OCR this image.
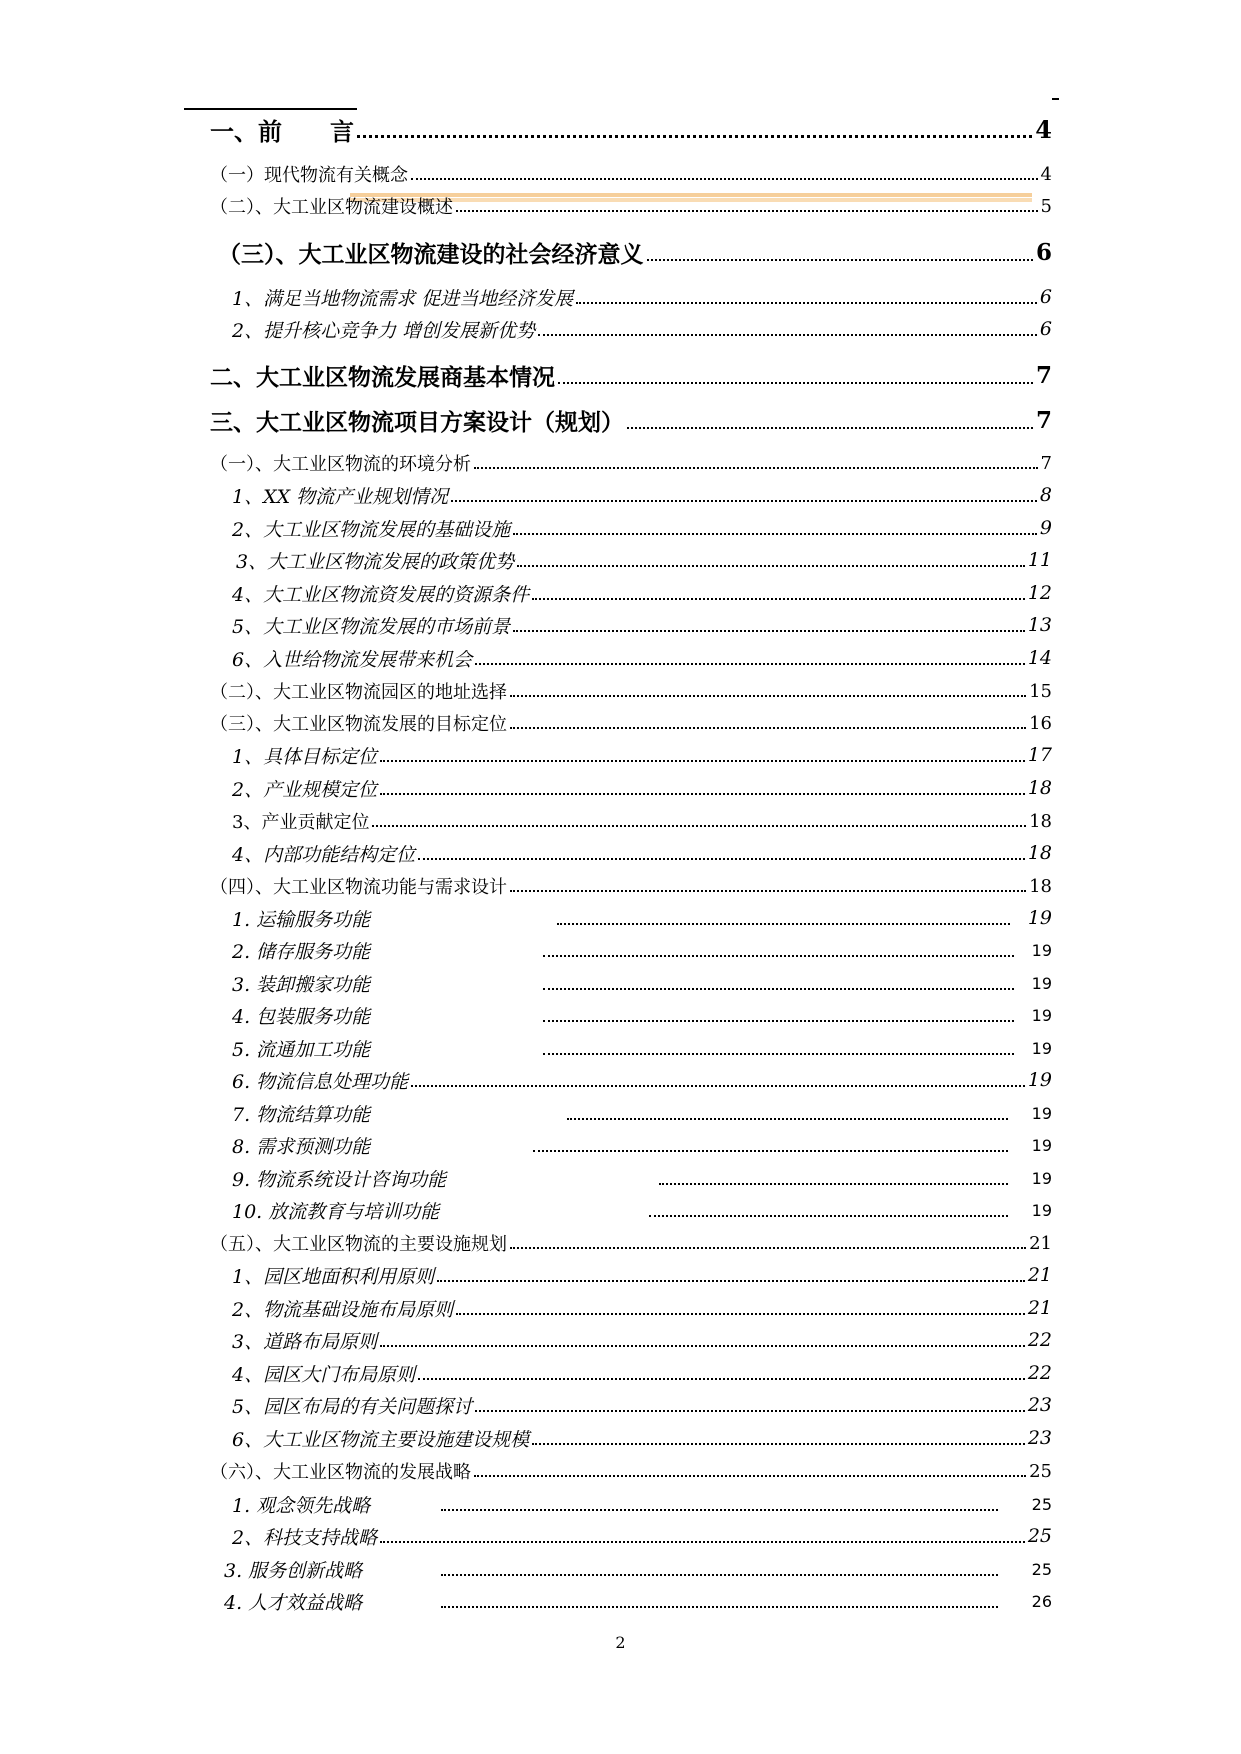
一、前　　言	4
（一）现代物流有关概念	4
（二）、大工业区物流建设概述	5
（三）、大工业区物流建设的社会经济意义	6
1、满足当地物流需求 促进当地经济发展	6
2、提升核心竞争力 增创发展新优势	6
二、大工业区物流发展商基本情况	7
三、大工业区物流项目方案设计（规划）	7
（一）、大工业区物流的环境分析	7
1、XX 物流产业规划情况	8
2、大工业区物流发展的基础设施	9
3、大工业区物流发展的政策优势	11
4、大工业区物流资发展的资源条件	12
5、大工业区物流发展的市场前景	13
6、入世给物流发展带来机会	14
（二）、大工业区物流园区的地址选择	15
（三）、大工业区物流发展的目标定位	16
1、具体目标定位	17
2、产业规模定位	18
3、产业贡献定位	18
4、内部功能结构定位	18
（四）、大工业区物流功能与需求设计	18
1. 运输服务功能	19
2. 储存服务功能	19
3. 装卸搬家功能	19
4. 包装服务功能	19
5. 流通加工功能	19
6. 物流信息处理功能	19
7. 物流结算功能	19
8. 需求预测功能	19
9. 物流系统设计咨询功能	19
10. 放流教育与培训功能	19
（五）、大工业区物流的主要设施规划	21
1、园区地面积利用原则	21
2、物流基础设施布局原则	21
3、道路布局原则	22
4、园区大门布局原则	22
5、园区布局的有关问题探讨	23
6、大工业区物流主要设施建设规模	23
（六）、大工业区物流的发展战略	25
1. 观念领先战略	25
2、科技支持战略	25
3. 服务创新战略	25
4. 人才效益战略	26
2
